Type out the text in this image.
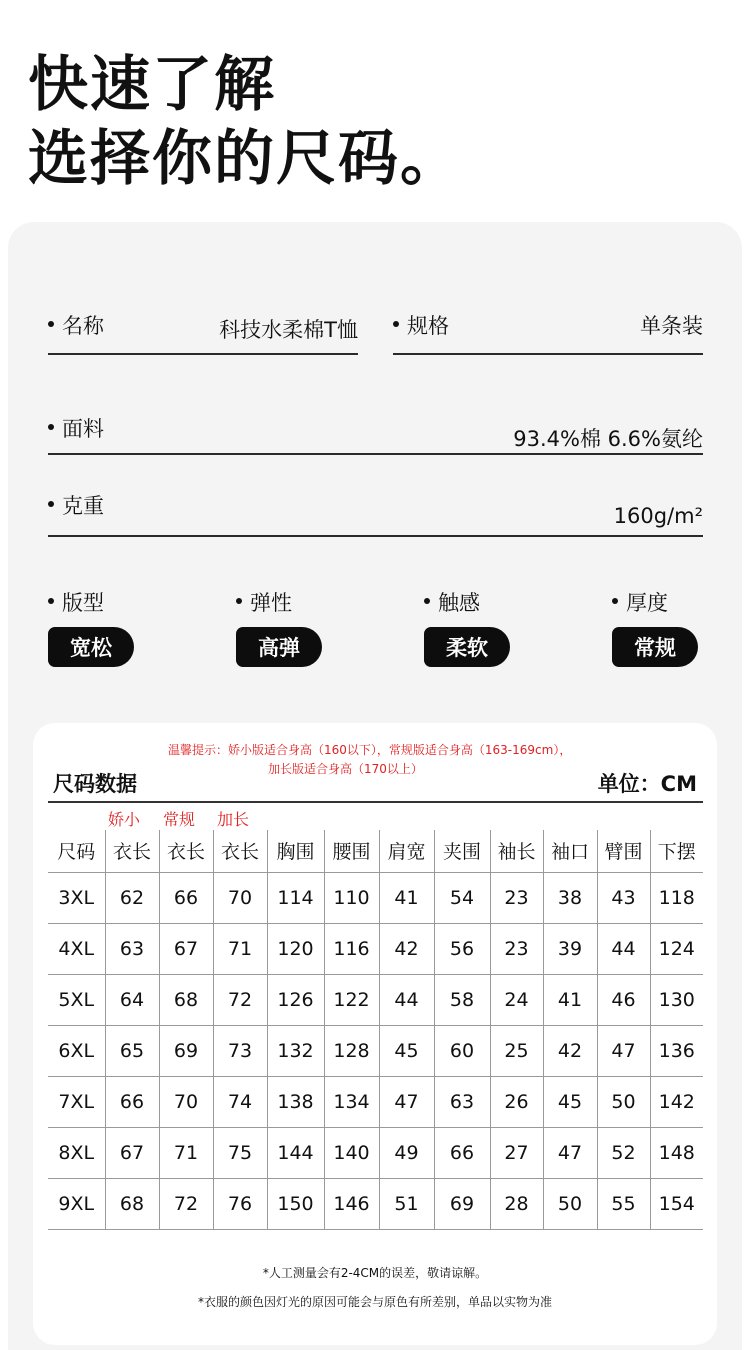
快速了解
选择你的尺码。
名称	科技水柔棉T恤	规格	单条装
面料	93.4%棉 6.6%氨纶
克重	160g/m²
版型
宽松
弹性
高弹
触感
柔软
厚度
常规
温馨提示：娇小版适合身高（160以下），常规版适合身高（163-169cm），
加长版适合身高（170以上）
尺码数据	单位：CM
娇小 常规 加长
尺码	衣长	衣长	衣长	胸围	腰围	肩宽	夹围	袖长	袖口	臂围	下摆
3XL	62	66	70	114	110	41	54	23	38	43	118
4XL	63	67	71	120	116	42	56	23	39	44	124
5XL	64	68	72	126	122	44	58	24	41	46	130
6XL	65	69	73	132	128	45	60	25	42	47	136
7XL	66	70	74	138	134	47	63	26	45	50	142
8XL	67	71	75	144	140	49	66	27	47	52	148
9XL	68	72	76	150	146	51	69	28	50	55	154
*人工测量会有2-4CM的误差，敬请谅解。
*衣服的颜色因灯光的原因可能会与原色有所差别，单品以实物为准
